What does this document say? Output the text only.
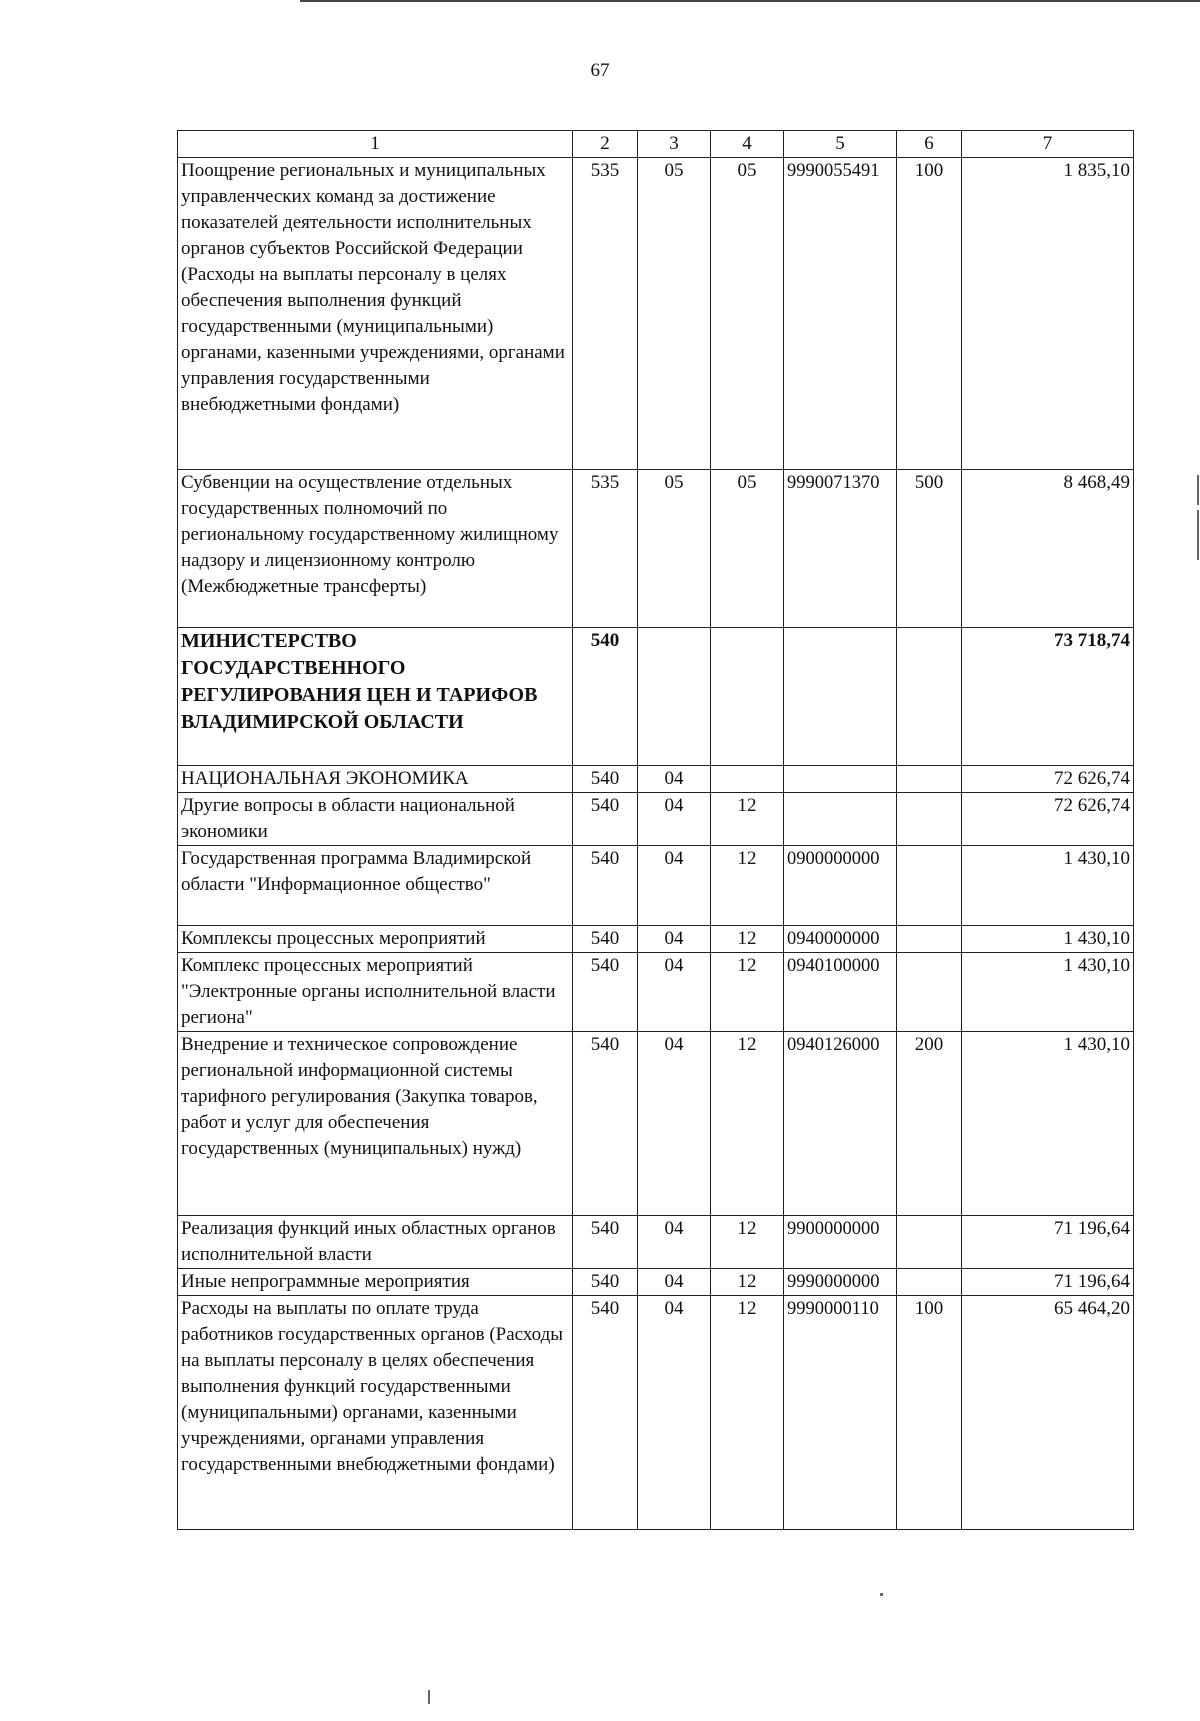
67
1	2	3	4	5	6	7
Поощрение региональных и муниципальных управленческих команд за достижение показателей деятельности исполнительных органов субъектов Российской Федерации (Расходы на выплаты персоналу в целях обеспечения выполнения функций государственными (муниципальными) органами, казенными учреждениями, органами управления государственными внебюджетными фондами)	535	05	05	9990055491	100	1 835,10
Субвенции на осуществление отдельных государственных полномочий по региональному государственному жилищному надзору и лицензионному контролю (Межбюджетные трансферты)	535	05	05	9990071370	500	8 468,49
МИНИСТЕРСТВО ГОСУДАРСТВЕННОГО РЕГУЛИРОВАНИЯ ЦЕН И ТАРИФОВ ВЛАДИМИРСКОЙ ОБЛАСТИ	540					73 718,74
НАЦИОНАЛЬНАЯ ЭКОНОМИКА	540	04				72 626,74
Другие вопросы в области национальной экономики	540	04	12			72 626,74
Государственная программа Владимирской области "Информационное общество"	540	04	12	0900000000		1 430,10
Комплексы процессных мероприятий	540	04	12	0940000000		1 430,10
Комплекс процессных мероприятий "Электронные органы исполнительной власти региона"	540	04	12	0940100000		1 430,10
Внедрение и техническое сопровождение региональной информационной системы тарифного регулирования (Закупка товаров, работ и услуг для обеспечения государственных (муниципальных) нужд)	540	04	12	0940126000	200	1 430,10
Реализация функций иных областных органов исполнительной власти	540	04	12	9900000000		71 196,64
Иные непрограммные мероприятия	540	04	12	9990000000		71 196,64
Расходы на выплаты по оплате труда работников государственных органов (Расходы на выплаты персоналу в целях обеспечения выполнения функций государственными (муниципальными) органами, казенными учреждениями, органами управления государственными внебюджетными фондами)	540	04	12	9990000110	100	65 464,20
